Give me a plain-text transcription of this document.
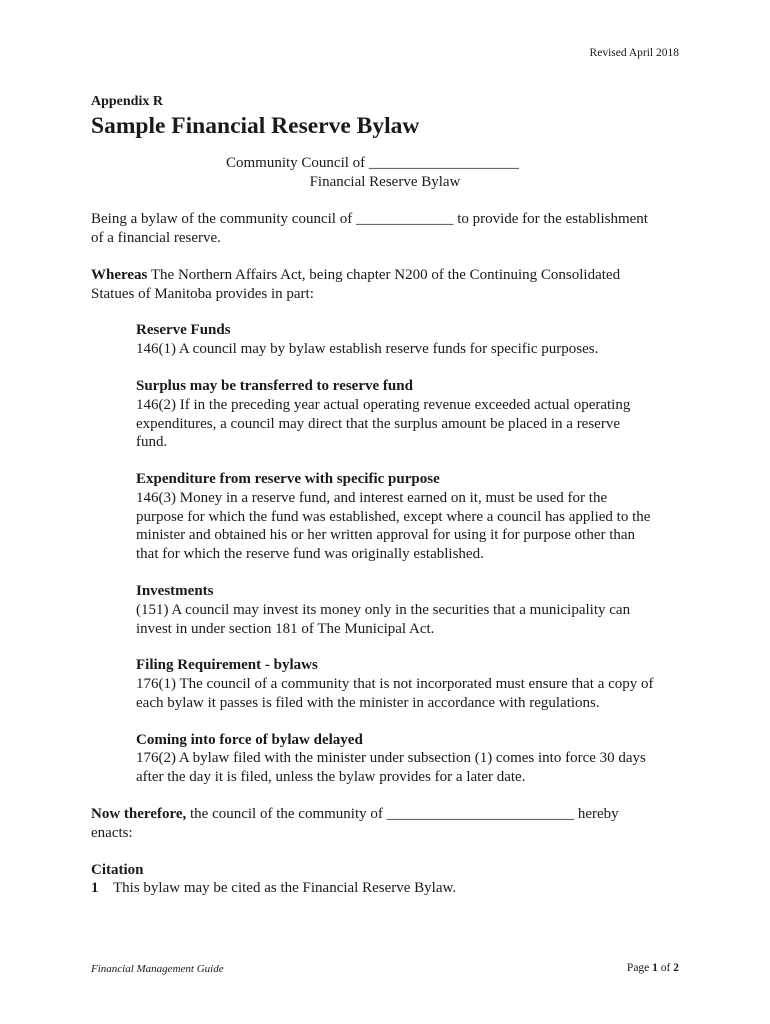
Revised April 2018
Appendix R
Sample Financial Reserve Bylaw
Community Council of ____________________
Financial Reserve Bylaw
Being a bylaw of the community council of _____________ to provide for the establishment
of a financial reserve.
Whereas The Northern Affairs Act, being chapter N200 of the Continuing Consolidated
Statues of Manitoba provides in part:
Reserve Funds
146(1) A council may by bylaw establish reserve funds for specific purposes.
Surplus may be transferred to reserve fund
146(2) If in the preceding year actual operating revenue exceeded actual operating
expenditures, a council may direct that the surplus amount be placed in a reserve
fund.
Expenditure from reserve with specific purpose
146(3) Money in a reserve fund, and interest earned on it, must be used for the
purpose for which the fund was established, except where a council has applied to the
minister and obtained his or her written approval for using it for purpose other than
that for which the reserve fund was originally established.
Investments
(151) A council may invest its money only in the securities that a municipality can
invest in under section 181 of The Municipal Act.
Filing Requirement - bylaws
176(1) The council of a community that is not incorporated must ensure that a copy of
each bylaw it passes is filed with the minister in accordance with regulations.
Coming into force of bylaw delayed
176(2) A bylaw filed with the minister under subsection (1) comes into force 30 days
after the day it is filed, unless the bylaw provides for a later date.
Now therefore, the council of the community of _________________________ hereby
enacts:
Citation
1 This bylaw may be cited as the Financial Reserve Bylaw.
Financial Management Guide	Page 1 of 2
